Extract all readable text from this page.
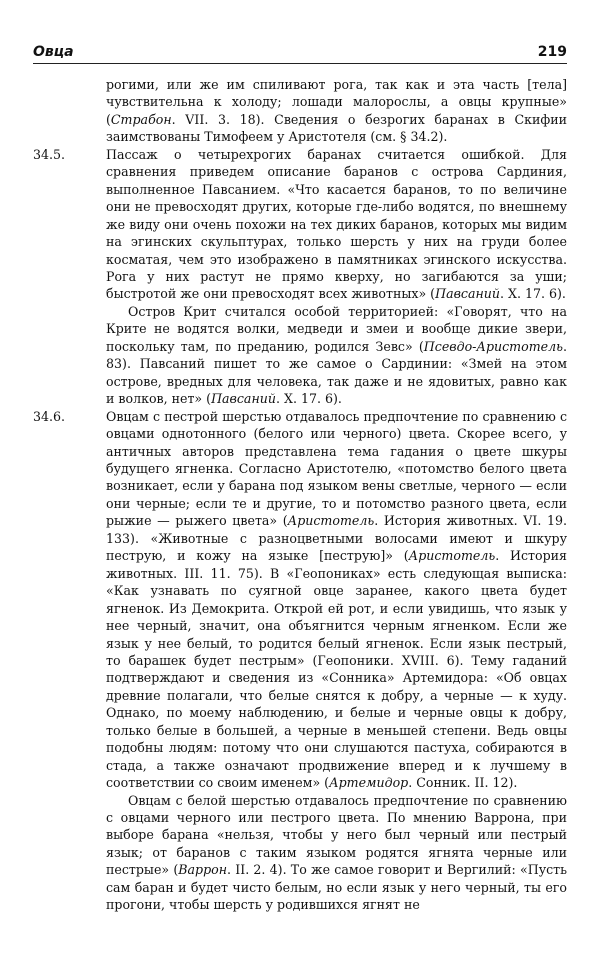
Овца	219

рогими, или же им спиливают рога, так как и эта часть [тела] чувствительна к холоду; лошади малорослы, а овцы крупные» (Страбон. VII. 3. 18). Сведения о безрогих баранах в Скифии заимствованы Тимофеем у Аристотеля (см. § 34.2).

34.5.	Пассаж о четырехрогих баранах считается ошибкой. Для сравнения приведем описание баранов с острова Сардиния, выполненное Павсанием. «Что касается баранов, то по величине они не превосходят других, которые где-либо водятся, по внешнему же виду они очень похожи на тех диких баранов, которых мы видим на эгинских скульптурах, только шерсть у них на груди более косматая, чем это изображено в памятниках эгинского искусства. Рога у них растут не прямо кверху, но загибаются за уши; быстротой же они превосходят всех животных» (Павсаний. X. 17. 6).

Остров Крит считался особой территорией: «Говорят, что на Крите не водятся волки, медведи и змеи и вообще дикие звери, поскольку там, по преданию, родился Зевс» (Псевдо-Аристотель. 83). Павсаний пишет то же самое о Сардинии: «Змей на этом острове, вредных для человека, так даже и не ядовитых, равно как и волков, нет» (Павсаний. X. 17. 6).

34.6.	Овцам с пестрой шерстью отдавалось предпочтение по сравнению с овцами однотонного (белого или черного) цвета. Скорее всего, у античных авторов представлена тема гадания о цвете шкуры будущего ягненка. Согласно Аристотелю, «потомство белого цвета возникает, если у барана под языком вены светлые, черного — если они черные; если те и другие, то и потомство разного цвета, если рыжие — рыжего цвета» (Аристотель. История животных. VI. 19. 133). «Животные с разноцветными волосами имеют и шкуру пеструю, и кожу на языке [пеструю]» (Аристотель. История животных. III. 11. 75). В «Геопониках» есть следующая выписка: «Как узнавать по суягной овце заранее, какого цвета будет ягненок. Из Демокрита. Открой ей рот, и если увидишь, что язык у нее черный, значит, она объягнится черным ягненком. Если же язык у нее белый, то родится белый ягненок. Если язык пестрый, то барашек будет пестрым» (Геопоники. XVIII. 6). Тему гаданий подтверждают и сведения из «Сонника» Артемидора: «Об овцах древние полагали, что белые снятся к добру, а черные — к худу. Однако, по моему наблюдению, и белые и черные овцы к добру, только белые в большей, а черные в меньшей степени. Ведь овцы подобны людям: потому что они слушаются пастуха, собираются в стада, а также означают продвижение вперед и к лучшему в соответствии со своим именем» (Артемидор. Сонник. II. 12).

Овцам с белой шерстью отдавалось предпочтение по сравнению с овцами черного или пестрого цвета. По мнению Варрона, при выборе барана «нельзя, чтобы у него был черный или пестрый язык; от баранов с таким языком родятся ягнята черные или пестрые» (Варрон. II. 2. 4). То же самое говорит и Вергилий: «Пусть сам баран и будет чисто белым, но если язык у него черный, ты его прогони, чтобы шерсть у родившихся ягнят не
